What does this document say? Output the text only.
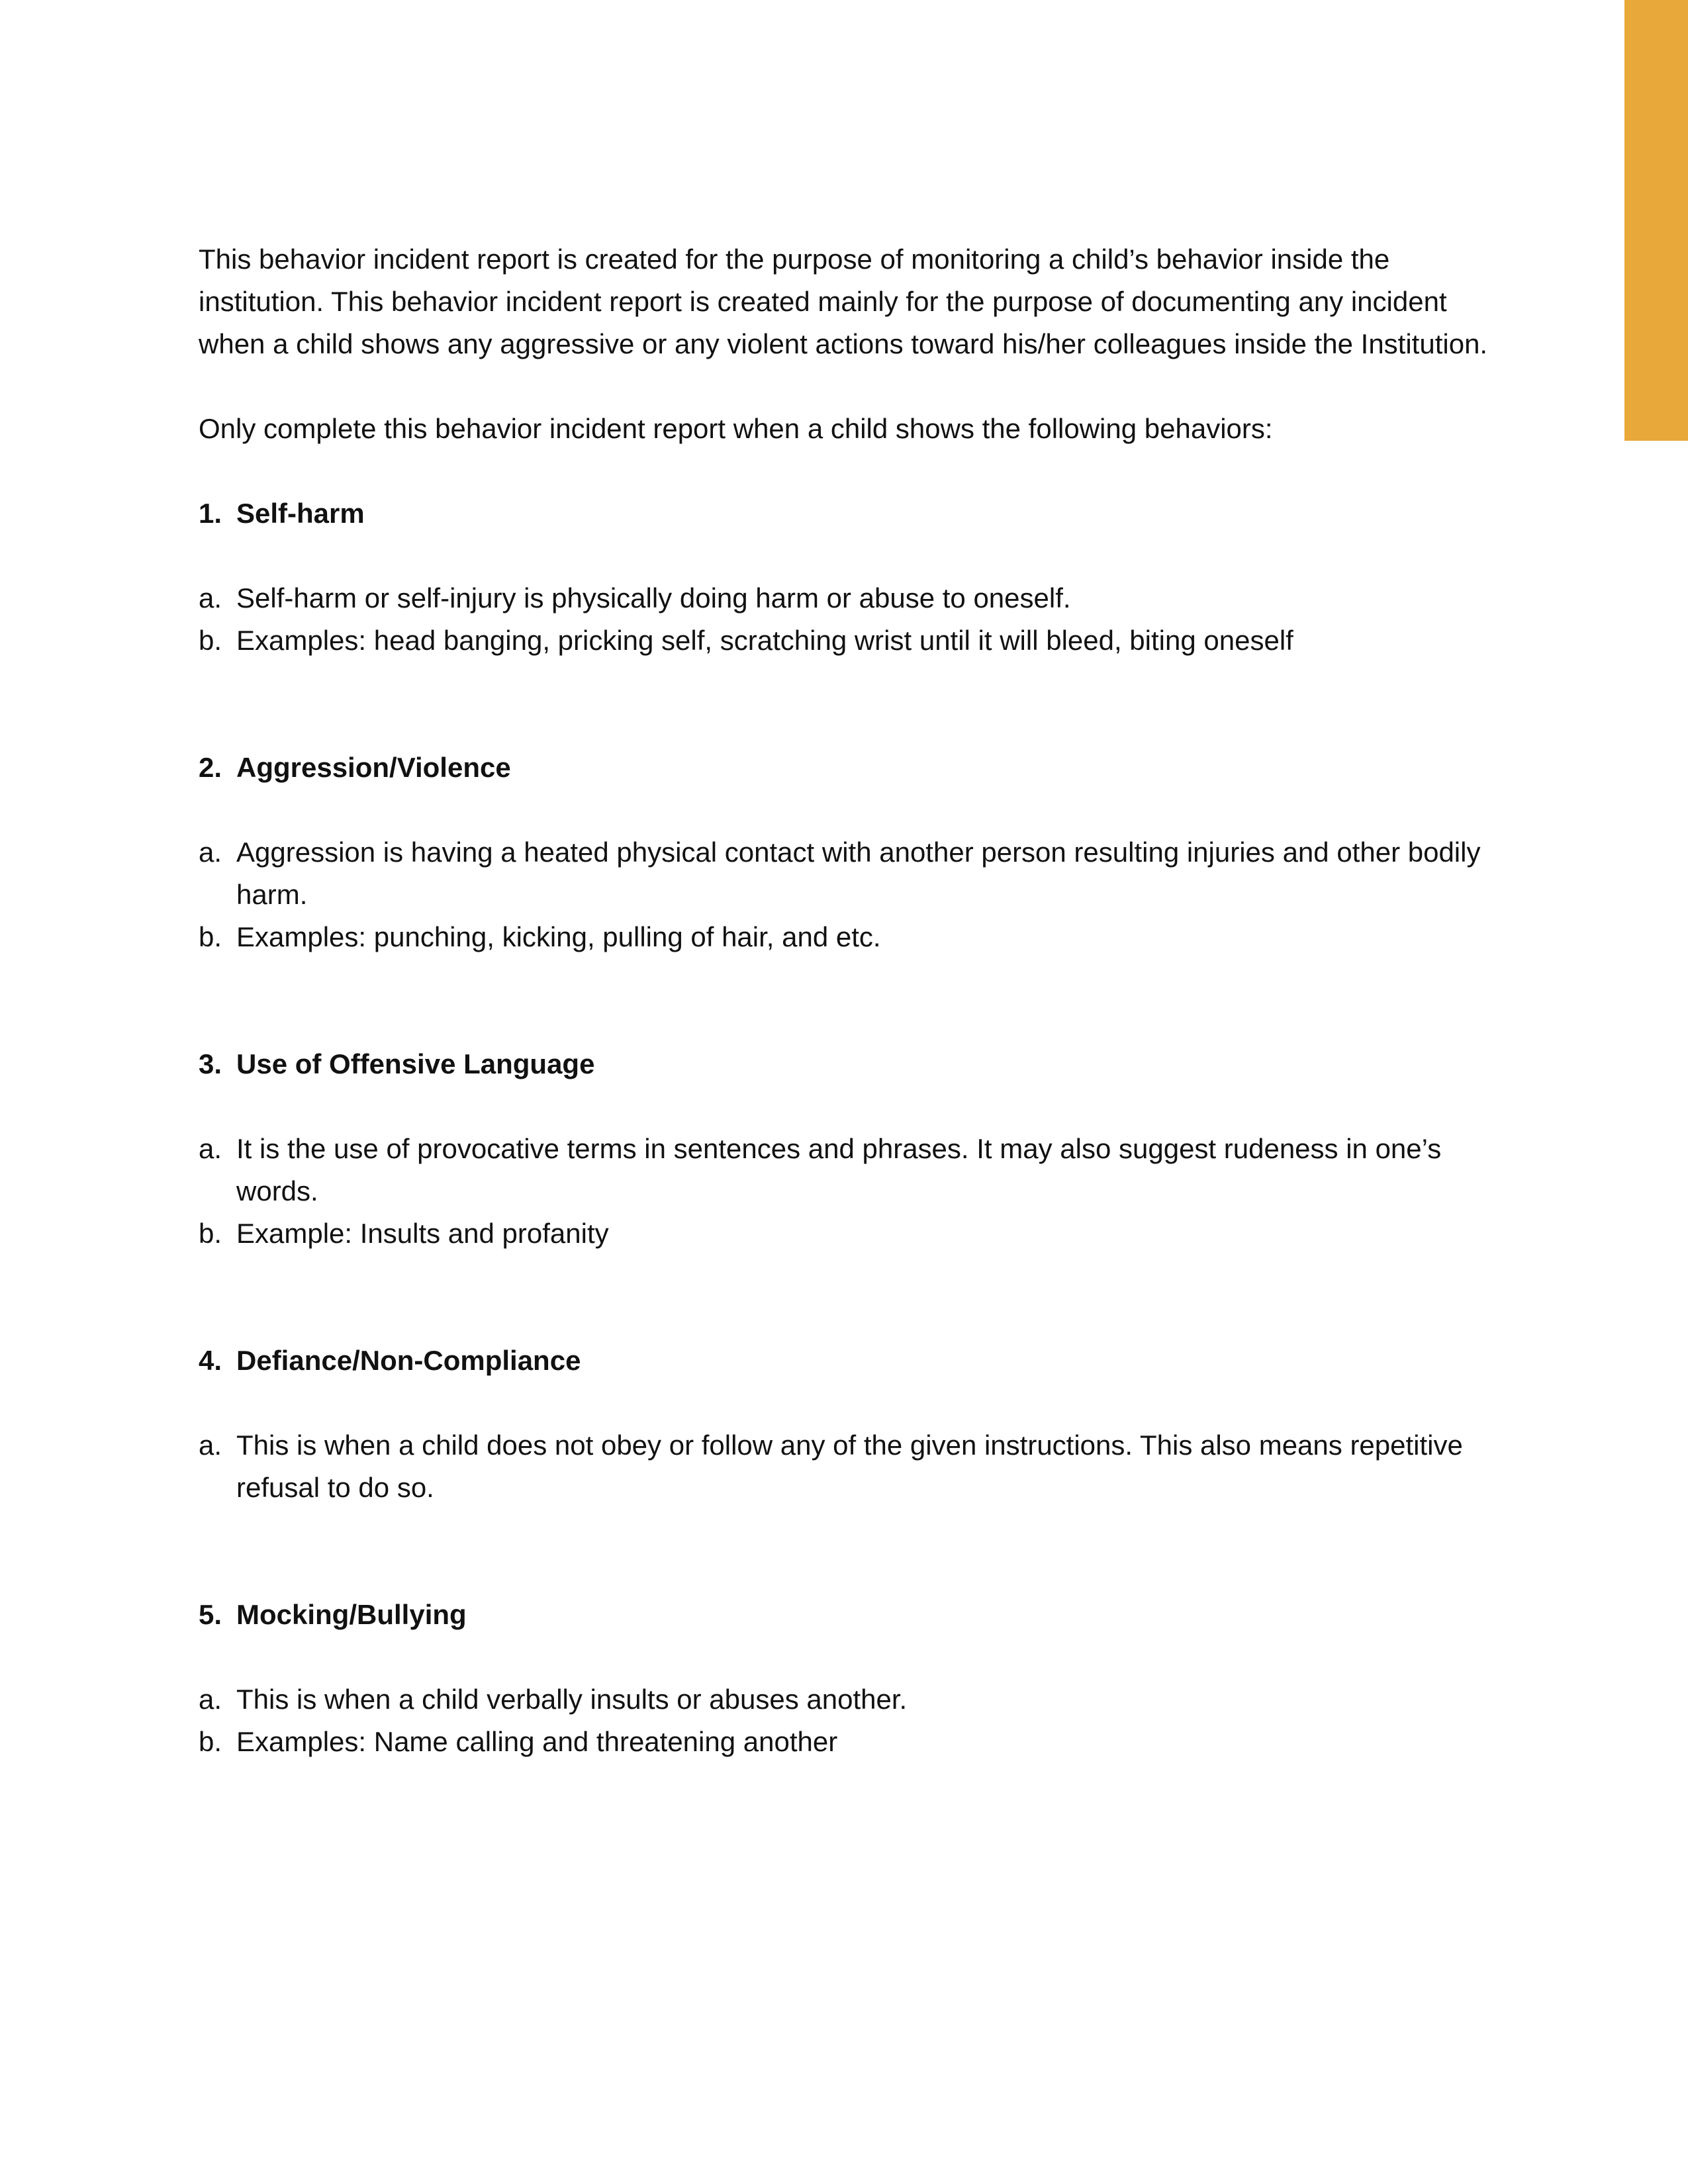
This behavior incident report is created for the purpose of monitoring a child’s behavior inside the institution. This behavior incident report is created mainly for the purpose of documenting any incident when a child shows any aggressive or any violent actions toward his/her colleagues inside the Institution.

Only complete this behavior incident report when a child shows the following behaviors:

1. Self-harm
a. Self-harm or self-injury is physically doing harm or abuse to oneself.
b. Examples: head banging, pricking self, scratching wrist until it will bleed, biting oneself
2. Aggression/Violence
a. Aggression is having a heated physical contact with another person resulting injuries and other bodily harm.
b. Examples: punching, kicking, pulling of hair, and etc.
3. Use of Offensive Language
a. It is the use of provocative terms in sentences and phrases. It may also suggest rudeness in one’s words.
b. Example: Insults and profanity
4. Defiance/Non-Compliance
a. This is when a child does not obey or follow any of the given instructions. This also means repetitive refusal to do so.
5. Mocking/Bullying
a. This is when a child verbally insults or abuses another.
b. Examples: Name calling and threatening another
